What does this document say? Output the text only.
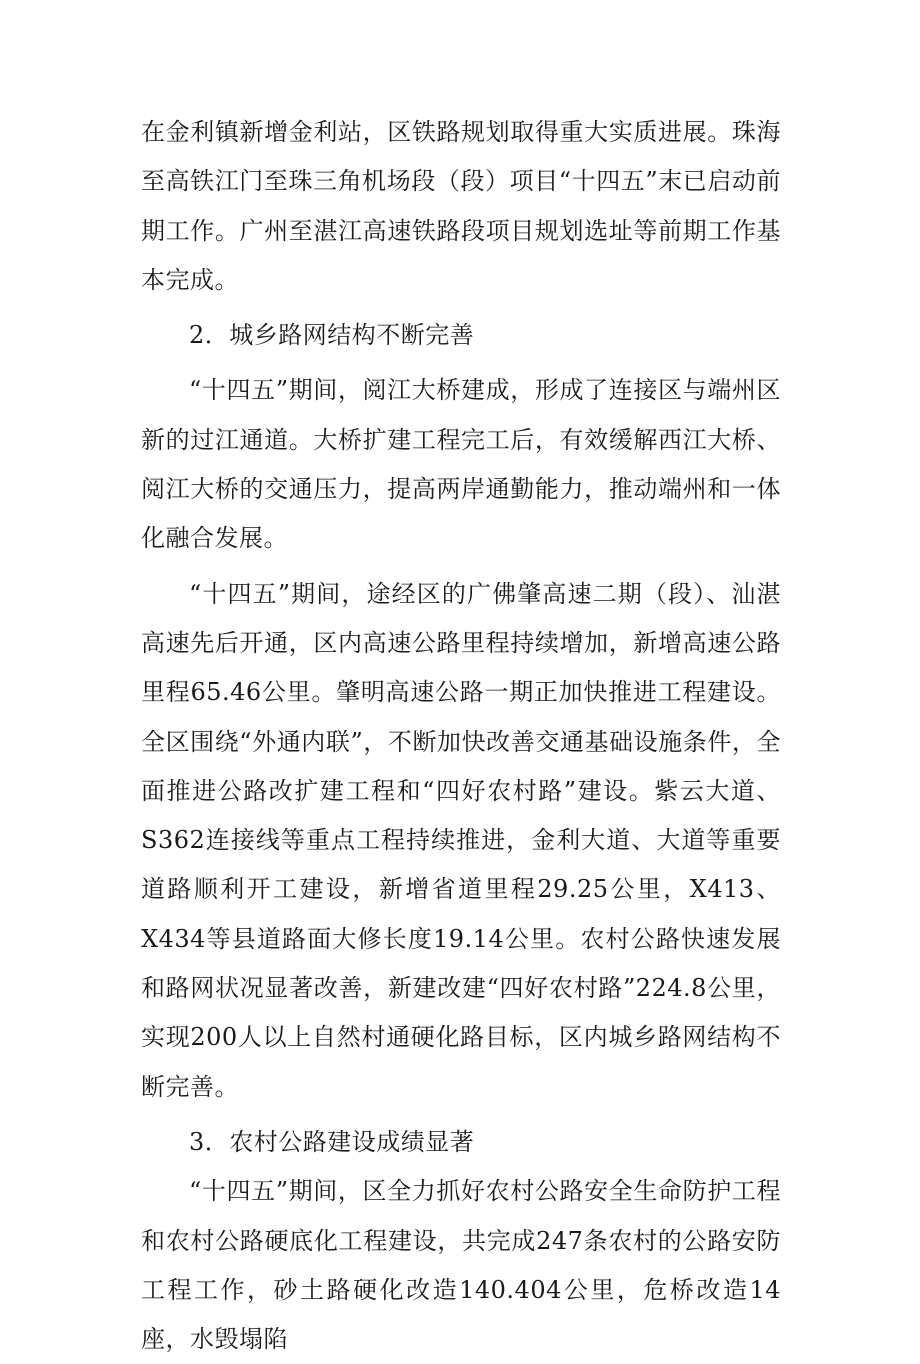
在金利镇新增金利站，区铁路规划取得重大实质进展。珠海至高铁江门至珠三角机场段（段）项目“十四五”末已启动前期工作。广州至湛江高速铁路段项目规划选址等前期工作基本完成。

2．城乡路网结构不断完善

“十四五”期间，阅江大桥建成，形成了连接区与端州区新的过江通道。大桥扩建工程完工后，有效缓解西江大桥、阅江大桥的交通压力，提高两岸通勤能力，推动端州和一体化融合发展。

“十四五”期间，途经区的广佛肇高速二期（段）、汕湛高速先后开通，区内高速公路里程持续增加，新增高速公路里程65.46公里。肇明高速公路一期正加快推进工程建设。全区围绕“外通内联”，不断加快改善交通基础设施条件，全面推进公路改扩建工程和“四好农村路”建设。紫云大道、S362连接线等重点工程持续推进，金利大道、大道等重要道路顺利开工建设，新增省道里程29.25公里，X413、X434等县道路面大修长度19.14公里。农村公路快速发展和路网状况显著改善，新建改建“四好农村路”224.8公里，实现200人以上自然村通硬化路目标，区内城乡路网结构不断完善。

3．农村公路建设成绩显著

“十四五”期间，区全力抓好农村公路安全生命防护工程和农村公路硬底化工程建设，共完成247条农村的公路安防工程工作，砂土路硬化改造140.404公里，危桥改造14座，水毁塌陷
